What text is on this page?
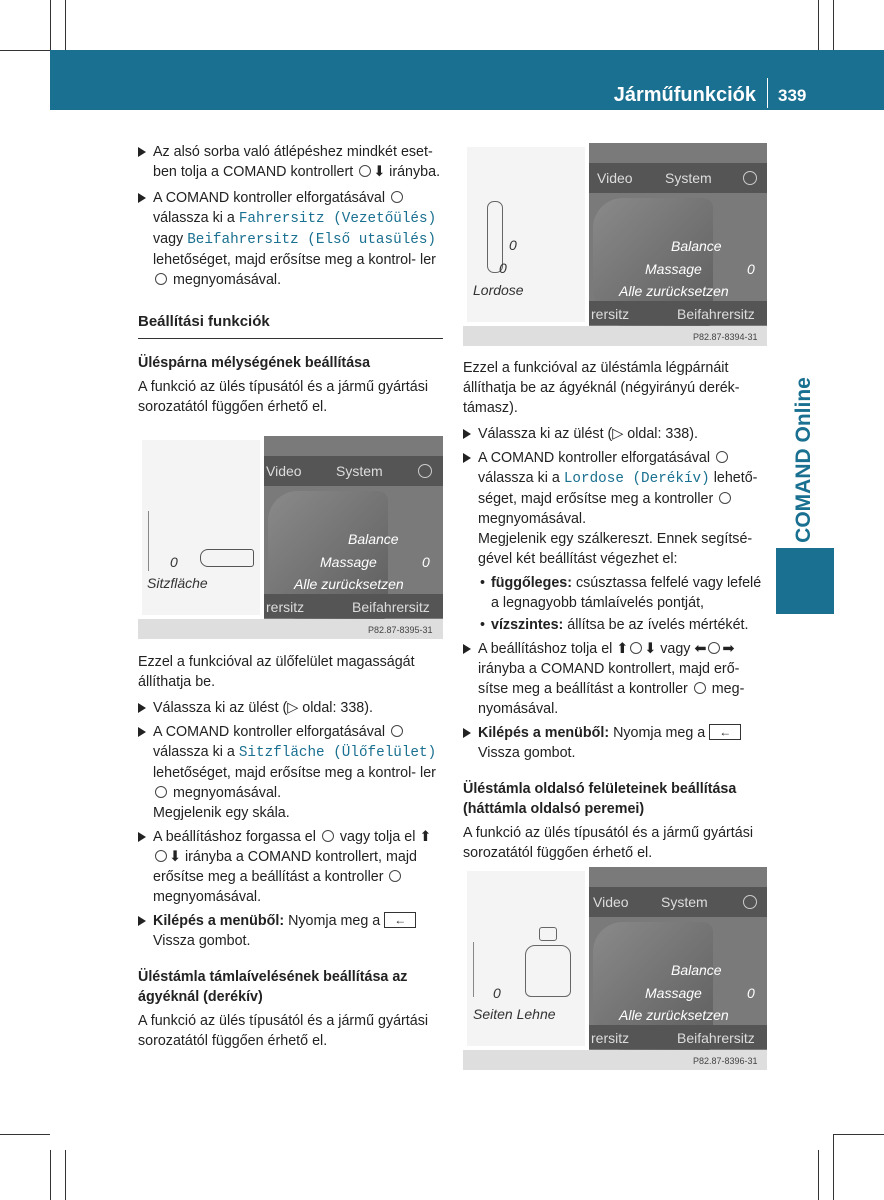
Járműfunkciók 339
COMAND Online

Az alsó sorba való átlépéshez mindkét eset-ben tolja a COMAND kontrollert ⬇ irányba.

A COMAND kontroller elforgatásával  válassza ki a Fahrersitz (Vezetőülés) vagy Beifahrersitz (Első utasülés) lehetőséget, majd erősítse meg a kontrol- ler  megnyomásával.

Beállítási funkciók

Üléspárna mélységének beállítása

A funkció az ülés típusától és a jármű gyártási sorozatától függően érhető el.

Video System
Balance
Massage	0
Alle zurücksetzen
rersitz	Beifahrersitz
0
Sitzfläche
P82.87-8395-31

Ezzel a funkcióval az ülőfelület magasságát állíthatja be.

Válassza ki az ülést (▷ oldal: 338).

A COMAND kontroller elforgatásával  válassza ki a Sitzfläche (Ülőfelület) lehetőséget, majd erősítse meg a kontrol- ler  megnyomásával.
Megjelenik egy skála.

A beállításhoz forgassa el vagy tolja el ⬆⬇ irányba a COMAND kontrollert, majd erősítse meg a beállítást a kontroller  megnyomásával.

Kilépés a menüből: Nyomja meg a ←
Vissza gombot.

Üléstámla támlaívelésének beállítása az ágyéknál (derékív)

A funkció az ülés típusától és a jármű gyártási sorozatától függően érhető el.

Video System
Balance
Massage	0
Alle zurücksetzen
rersitz	Beifahrersitz
0
0
Lordose
P82.87-8394-31

Ezzel a funkcióval az üléstámla légpárnáit állíthatja be az ágyéknál (négyirányú derék-támasz).

Válassza ki az ülést (▷ oldal: 338).

A COMAND kontroller elforgatásával  válassza ki a Lordose (Derékív) lehető- séget, majd erősítse meg a kontroller  megnyomásával.
Megjelenik egy szálkereszt. Ennek segítsé-gével két beállítást végezhet el:

• függőleges: csúsztassa felfelé vagy lefelé a legnagyobb támlaívelés pontját,

• vízszintes: állítsa be az ívelés mértékét.

A beállításhoz tolja el ⬆ ⬇ vagy ⬅ ➡ irányba a COMAND kontrollert, majd erő-sítse meg a beállítást a kontroller meg-nyomásával.

Kilépés a menüből: Nyomja meg a ←
Vissza gombot.

Üléstámla oldalsó felületeinek beállítása (háttámla oldalsó peremei)

A funkció az ülés típusától és a jármű gyártási sorozatától függően érhető el.

Video System
Balance
Massage	0
Alle zurücksetzen
rersitz	Beifahrersitz
0
Seiten Lehne
P82.87-8396-31
